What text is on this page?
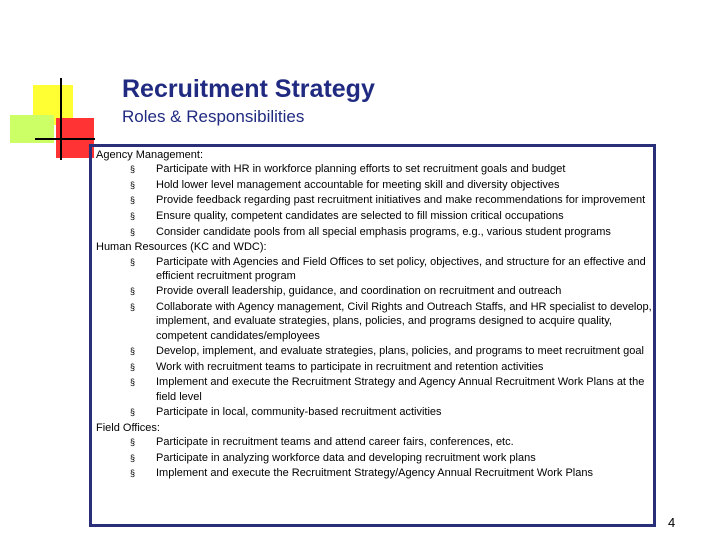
Recruitment Strategy
Roles & Responsibilities
Agency Management:
§ Participate with HR in workforce planning efforts to set recruitment goals and budget
§ Hold lower level management accountable for meeting skill and diversity objectives
§ Provide feedback regarding past recruitment initiatives and make recommendations for improvement
§ Ensure quality, competent candidates are selected to fill mission critical occupations
§ Consider candidate pools from all special emphasis programs, e.g., various student programs
Human Resources (KC and WDC):
§ Participate with Agencies and Field Offices to set policy, objectives, and structure for an effective and efficient recruitment program
§ Provide overall leadership, guidance, and coordination on recruitment and outreach
§ Collaborate with Agency management, Civil Rights and Outreach Staffs, and HR specialist to develop, implement, and evaluate strategies, plans, policies, and programs designed to acquire quality, competent candidates/employees
§ Develop, implement, and evaluate strategies, plans, policies, and programs to meet recruitment goal
§ Work with recruitment teams to participate in recruitment and retention activities
§ Implement and execute the Recruitment Strategy and Agency Annual Recruitment Work Plans at the field level
§ Participate in local, community-based recruitment activities
Field Offices:
§ Participate in recruitment teams and attend career fairs, conferences, etc.
§ Participate in analyzing workforce data and developing recruitment work plans
§ Implement and execute the Recruitment Strategy/Agency Annual Recruitment Work Plans
4
